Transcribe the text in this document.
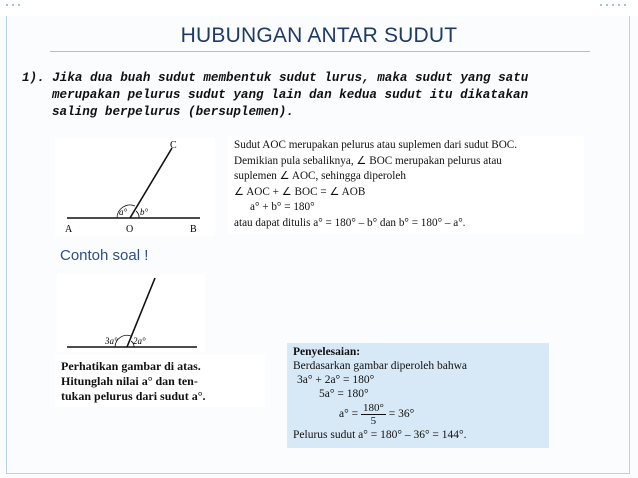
HUBUNGAN ANTAR SUDUT
1). Jika dua buah sudut membentuk sudut lurus, maka sudut yang satu
merupakan pelurus sudut yang lain dan kedua sudut itu dikatakan
saling berpelurus (bersuplemen).
C
A	O	B
a° b°
Sudut AOC merupakan pelurus atau suplemen dari sudut BOC.
Demikian pula sebaliknya, ∠ BOC merupakan pelurus atau
suplemen ∠ AOC, sehingga diperoleh
∠ AOC + ∠ BOC = ∠ AOB
a° + b° = 180°
atau dapat ditulis a° = 180° – b° dan b° = 180° – a°.
Contoh soal !
3a° 2a°
Perhatikan gambar di atas.
Hitunglah nilai a° dan ten-
tukan pelurus dari sudut a°.
Penyelesaian:
Berdasarkan gambar diperoleh bahwa
3a° + 2a° = 180°
5a° = 180°
$a^\circ = \frac{180^\circ}{5} = 36^\circ$
Pelurus sudut a° = 180° – 36° = 144°.
